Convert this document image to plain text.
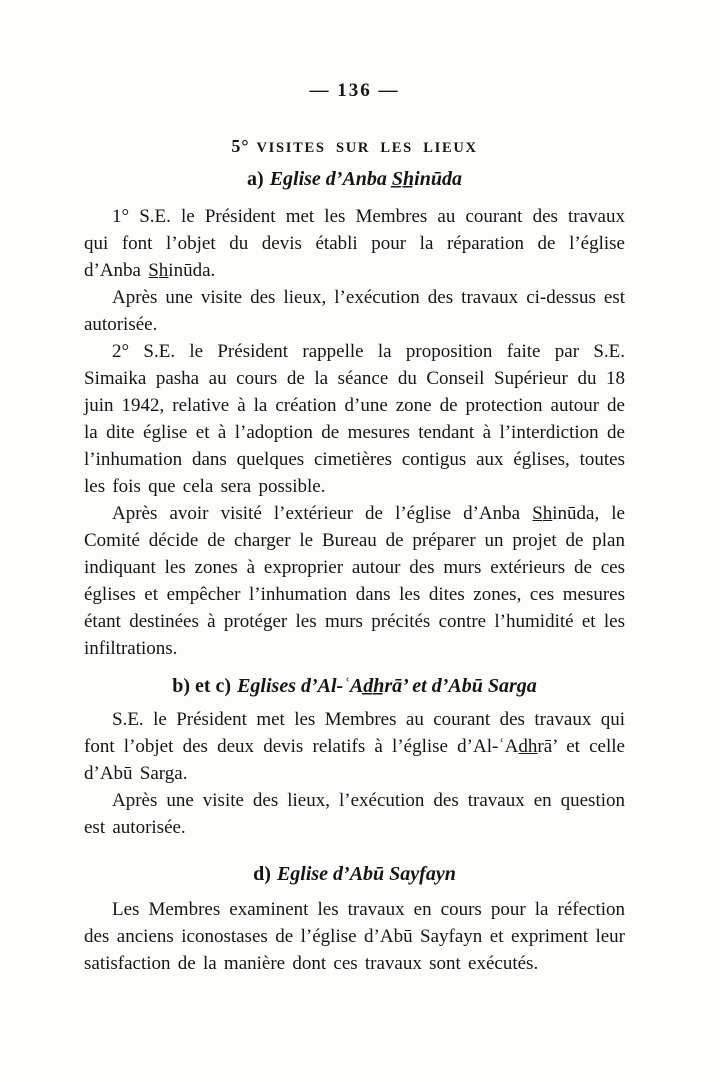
— 136 —
5° VISITES SUR LES LIEUX
a) Eglise d’Anba S̲h̲inūda

1° S.E. le Président met les Membres au courant des travaux qui font l’objet du devis établi pour la réparation de l’église d’Anba S̲h̲inūda.

Après une visite des lieux, l’exécution des travaux ci-dessus est autorisée.

2° S.E. le Président rappelle la proposition faite par S.E. Simaika pasha au cours de la séance du Conseil Supérieur du 18 juin 1942, relative à la création d’une zone de protection autour de la dite église et à l’adoption de mesures tendant à l’interdiction de l’inhumation dans quelques cimetières contigus aux églises, toutes les fois que cela sera possible.

Après avoir visité l’extérieur de l’église d’Anba S̲h̲inūda, le Comité décide de charger le Bureau de préparer un projet de plan indiquant les zones à exproprier autour des murs extérieurs de ces églises et empêcher l’inhumation dans les dites zones, ces mesures étant destinées à protéger les murs précités contre l’humidité et les infiltrations.

b) et c) Eglises d’Al-ʿAd̲h̲rā’ et d’Abū Sarga

S.E. le Président met les Membres au courant des travaux qui font l’objet des deux devis relatifs à l’église d’Al-ʿAd̲h̲rā’ et celle d’Abū Sarga.

Après une visite des lieux, l’exécution des travaux en question est autorisée.

d) Eglise d’Abū Sayfayn

Les Membres examinent les travaux en cours pour la réfection des anciens iconostases de l’église d’Abū Sayfayn et expriment leur satisfaction de la manière dont ces travaux sont exécutés.
